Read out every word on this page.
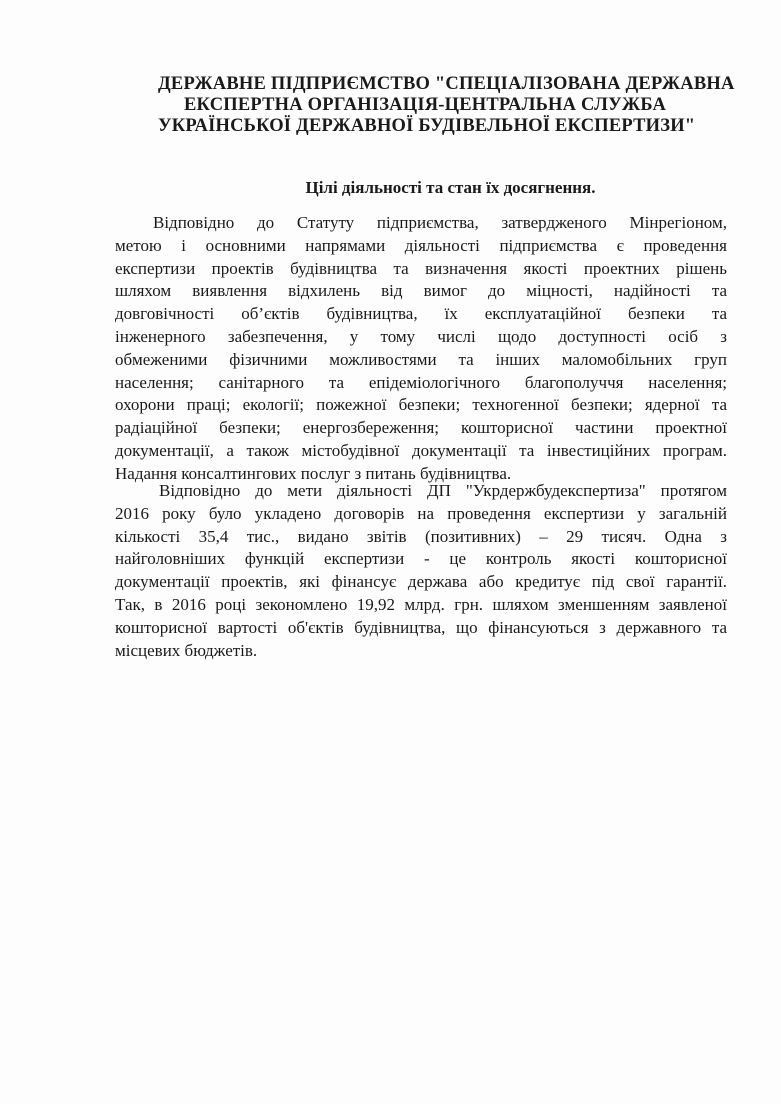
ДЕРЖАВНЕ ПІДПРИЄМСТВО "СПЕЦІАЛІЗОВАНА ДЕРЖАВНА
ЕКСПЕРТНА ОРГАНІЗАЦІЯ-ЦЕНТРАЛЬНА СЛУЖБА
УКРАЇНСЬКОЇ ДЕРЖАВНОЇ БУДІВЕЛЬНОЇ ЕКСПЕРТИЗИ"
Цілі діяльності та стан їх досягнення.
Відповідно до Статуту підприємства, затвердженого Мінрегіоном,
метою і основними напрямами діяльності підприємства є проведення
експертизи проектів будівництва та визначення якості проектних рішень
шляхом виявлення відхилень від вимог до міцності, надійності та
довговічності об’єктів будівництва, їх експлуатаційної безпеки та
інженерного забезпечення, у тому числі щодо доступності осіб з
обмеженими фізичними можливостями та інших маломобільних груп
населення; санітарного та епідеміологічного благополуччя населення;
охорони праці; екології; пожежної безпеки; техногенної безпеки; ядерної та
радіаційної безпеки; енергозбереження; кошторисної частини проектної
документації, а також містобудівної документації та інвестиційних програм.
Надання консалтингових послуг з питань будівництва.
Відповідно до мети діяльності ДП "Укрдержбудекспертиза" протягом
2016 року було укладено договорів на проведення експертизи у загальній
кількості 35,4 тис., видано звітів (позитивних) – 29 тисяч. Одна з
найголовніших функцій експертизи - це контроль якості кошторисної
документації проектів, які фінансує держава або кредитує під свої гарантії.
Так, в 2016 році зекономлено 19,92 млрд. грн. шляхом зменшенням заявленої
кошторисної вартості об'єктів будівництва, що фінансуються з державного та
місцевих бюджетів.
